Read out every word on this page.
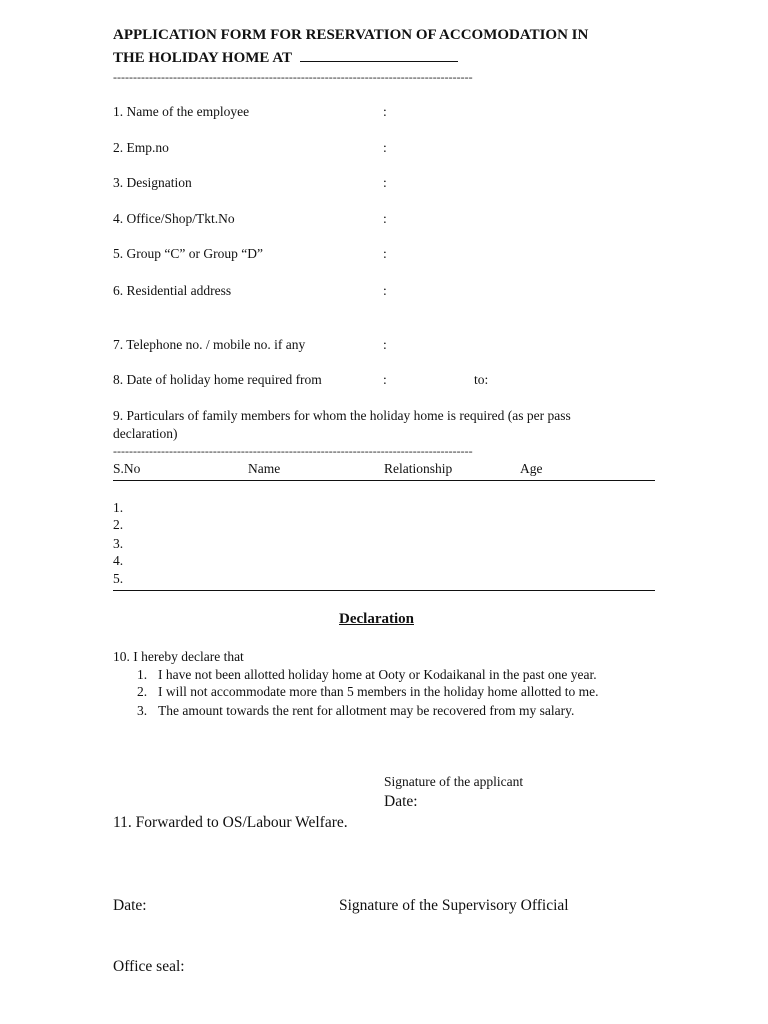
APPLICATION FORM FOR RESERVATION OF ACCOMODATION IN
THE HOLIDAY HOME AT
------------------------------------------------------------------------------------------
1. Name of the employee	:
2. Emp.no	:
3. Designation	:
4. Office/Shop/Tkt.No	:
5. Group “C” or Group “D”	:
6. Residential address	:
7. Telephone no. / mobile no. if any	:
8. Date of holiday home required from	:	to:
9. Particulars of family members for whom the holiday home is required (as per pass
declaration)
------------------------------------------------------------------------------------------
S.No	Name	Relationship	Age
1.
2.
3.
4.
5.
Declaration
10. I hereby declare that
1. I have not been allotted holiday home at Ooty or Kodaikanal in the past one year.
2. I will not accommodate more than 5 members in the holiday home allotted to me.
3. The amount towards the rent for allotment may be recovered from my salary.
Signature of the applicant
Date:
11. Forwarded to OS/Labour Welfare.
Date:	Signature of the Supervisory Official
Office seal:
